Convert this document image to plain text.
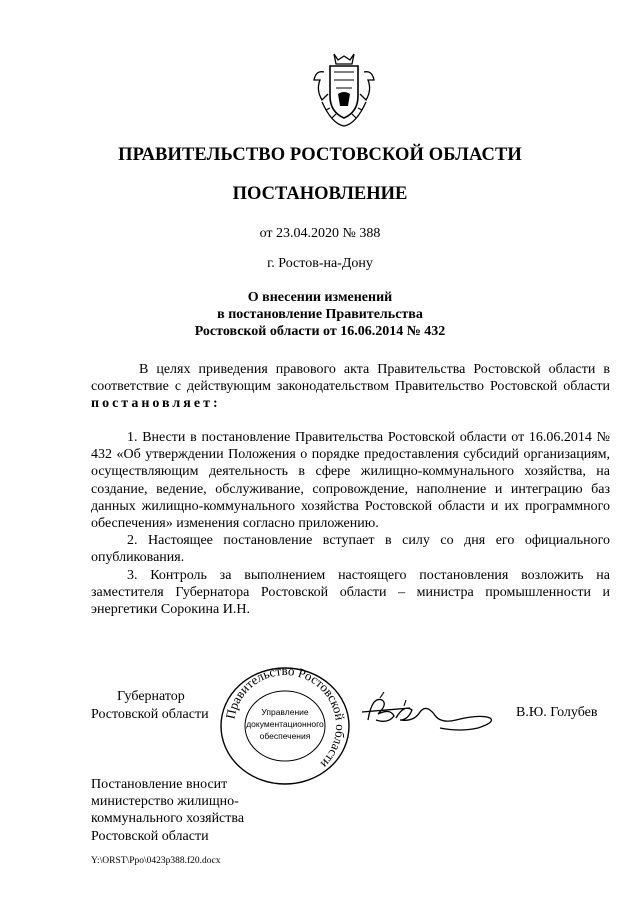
ПРАВИТЕЛЬСТВО РОСТОВСКОЙ ОБЛАСТИ
ПОСТАНОВЛЕНИЕ
от 23.04.2020 № 388
г. Ростов-на-Дону
О внесении изменений
в постановление Правительства
Ростовской области от 16.06.2014 № 432
В целях приведения правового акта Правительства Ростовской области в соответствие с действующим законодательством Правительство Ростовской области постановляет:

1. Внести в постановление Правительства Ростовской области от 16.06.2014 № 432 «Об утверждении Положения о порядке предоставления субсидий организациям, осуществляющим деятельность в сфере жилищно-коммунального хозяйства, на создание, ведение, обслуживание, сопровождение, наполнение и интеграцию баз данных жилищно-коммунального хозяйства Ростовской области и их программного обеспечения» изменения согласно приложению.

2. Настоящее постановление вступает в силу со дня его официального опубликования.

3. Контроль за выполнением настоящего постановления возложить на заместителя Губернатора Ростовской области – министра промышленности и энергетики Сорокина И.Н.

Губернатор
Ростовской области Правительство Ростовской области
Управление
документационного
обеспечения
В.Ю. Голубев
Постановление вносит
министерство жилищно-
коммунального хозяйства
Ростовской области
Y:\ORST\Ppo\0423p388.f20.docx
